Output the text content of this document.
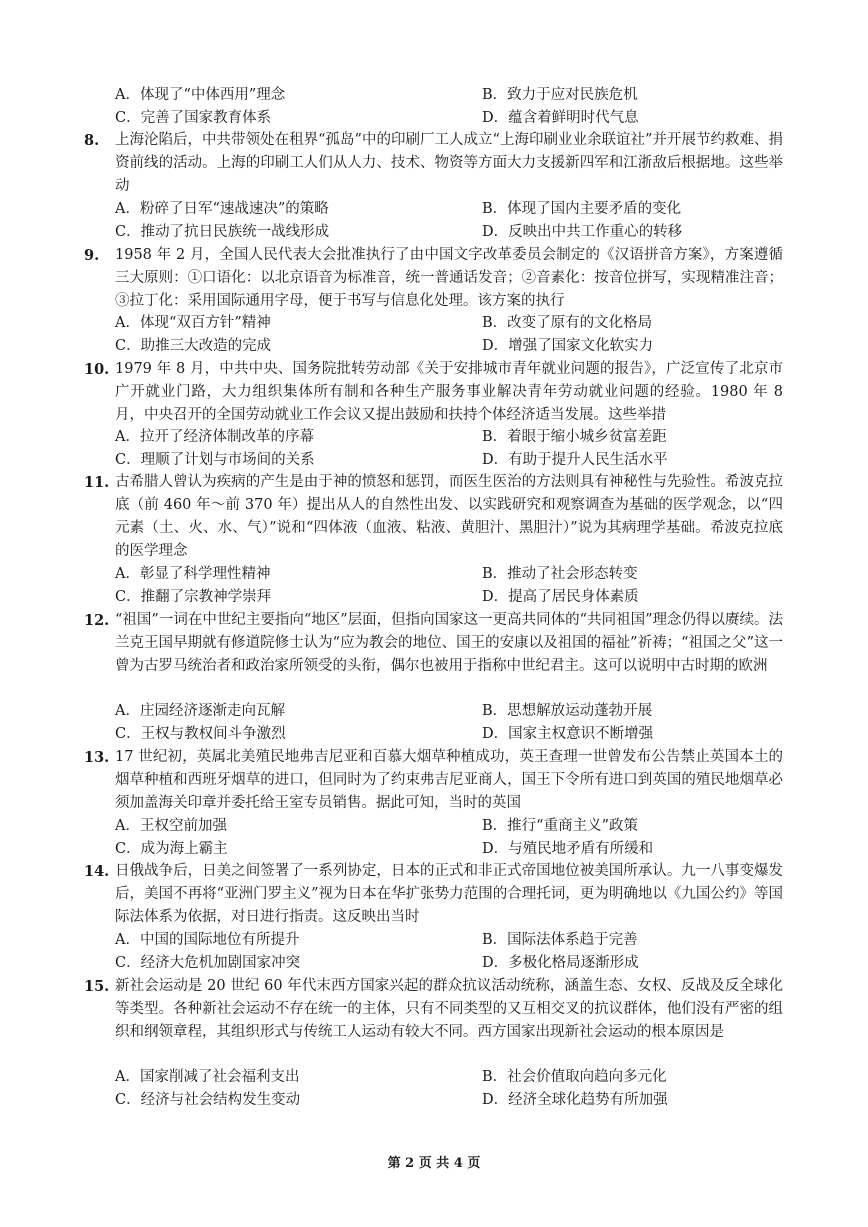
A．体现了“中体西用”理念	B．致力于应对民族危机
C．完善了国家教育体系	D．蕴含着鲜明时代气息
8. 上海沦陷后，中共带领处在租界“孤岛”中的印刷厂工人成立“上海印刷业业余联谊社”并开展节约救难、捐资前线的活动。上海的印刷工人们从人力、技术、物资等方面大力支援新四军和江浙敌后根据地。这些举动
A．粉碎了日军“速战速决”的策略	B．体现了国内主要矛盾的变化
C．推动了抗日民族统一战线形成	D．反映出中共工作重心的转移
9. 1958 年 2 月，全国人民代表大会批准执行了由中国文字改革委员会制定的《汉语拼音方案》，方案遵循三大原则：①口语化：以北京语音为标准音，统一普通话发音；②音素化：按音位拼写，实现精准注音；③拉丁化：采用国际通用字母，便于书写与信息化处理。该方案的执行
A．体现“双百方针”精神	B．改变了原有的文化格局
C．助推三大改造的完成	D．增强了国家文化软实力
10. 1979 年 8 月，中共中央、国务院批转劳动部《关于安排城市青年就业问题的报告》，广泛宣传了北京市广开就业门路，大力组织集体所有制和各种生产服务事业解决青年劳动就业问题的经验。1980 年 8 月，中央召开的全国劳动就业工作会议又提出鼓励和扶持个体经济适当发展。这些举措
A．拉开了经济体制改革的序幕	B．着眼于缩小城乡贫富差距
C．理顺了计划与市场间的关系	D．有助于提升人民生活水平
11. 古希腊人曾认为疾病的产生是由于神的愤怒和惩罚，而医生医治的方法则具有神秘性与先验性。希波克拉底（前 460 年～前 370 年）提出从人的自然性出发、以实践研究和观察调查为基础的医学观念，以“四元素（土、火、水、气）”说和“四体液（血液、粘液、黄胆汁、黑胆汁）”说为其病理学基础。希波克拉底的医学理念
A．彰显了科学理性精神	B．推动了社会形态转变
C．推翻了宗教神学崇拜	D．提高了居民身体素质
12. “祖国”一词在中世纪主要指向“地区”层面，但指向国家这一更高共同体的“共同祖国”理念仍得以赓续。法兰克王国早期就有修道院修士认为“应为教会的地位、国王的安康以及祖国的福祉”祈祷；“祖国之父”这一曾为古罗马统治者和政治家所领受的头衔，偶尔也被用于指称中世纪君主。这可以说明中古时期的欧洲
A．庄园经济逐渐走向瓦解	B．思想解放运动蓬勃开展
C．王权与教权间斗争激烈	D．国家主权意识不断增强
13. 17 世纪初，英属北美殖民地弗吉尼亚和百慕大烟草种植成功，英王查理一世曾发布公告禁止英国本土的烟草种植和西班牙烟草的进口，但同时为了约束弗吉尼亚商人，国王下令所有进口到英国的殖民地烟草必须加盖海关印章并委托给王室专员销售。据此可知，当时的英国
A．王权空前加强	B．推行“重商主义”政策
C．成为海上霸主	D．与殖民地矛盾有所缓和
14. 日俄战争后，日美之间签署了一系列协定，日本的正式和非正式帝国地位被美国所承认。九一八事变爆发后，美国不再将“亚洲门罗主义”视为日本在华扩张势力范围的合理托词，更为明确地以《九国公约》等国际法体系为依据，对日进行指责。这反映出当时
A．中国的国际地位有所提升	B．国际法体系趋于完善
C．经济大危机加剧国家冲突	D．多极化格局逐渐形成
15. 新社会运动是 20 世纪 60 年代末西方国家兴起的群众抗议活动统称，涵盖生态、女权、反战及反全球化等类型。各种新社会运动不存在统一的主体，只有不同类型的又互相交叉的抗议群体，他们没有严密的组织和纲领章程，其组织形式与传统工人运动有较大不同。西方国家出现新社会运动的根本原因是
A．国家削减了社会福利支出	B．社会价值取向趋向多元化
C．经济与社会结构发生变动	D．经济全球化趋势有所加强
第 2 页 共 4 页
